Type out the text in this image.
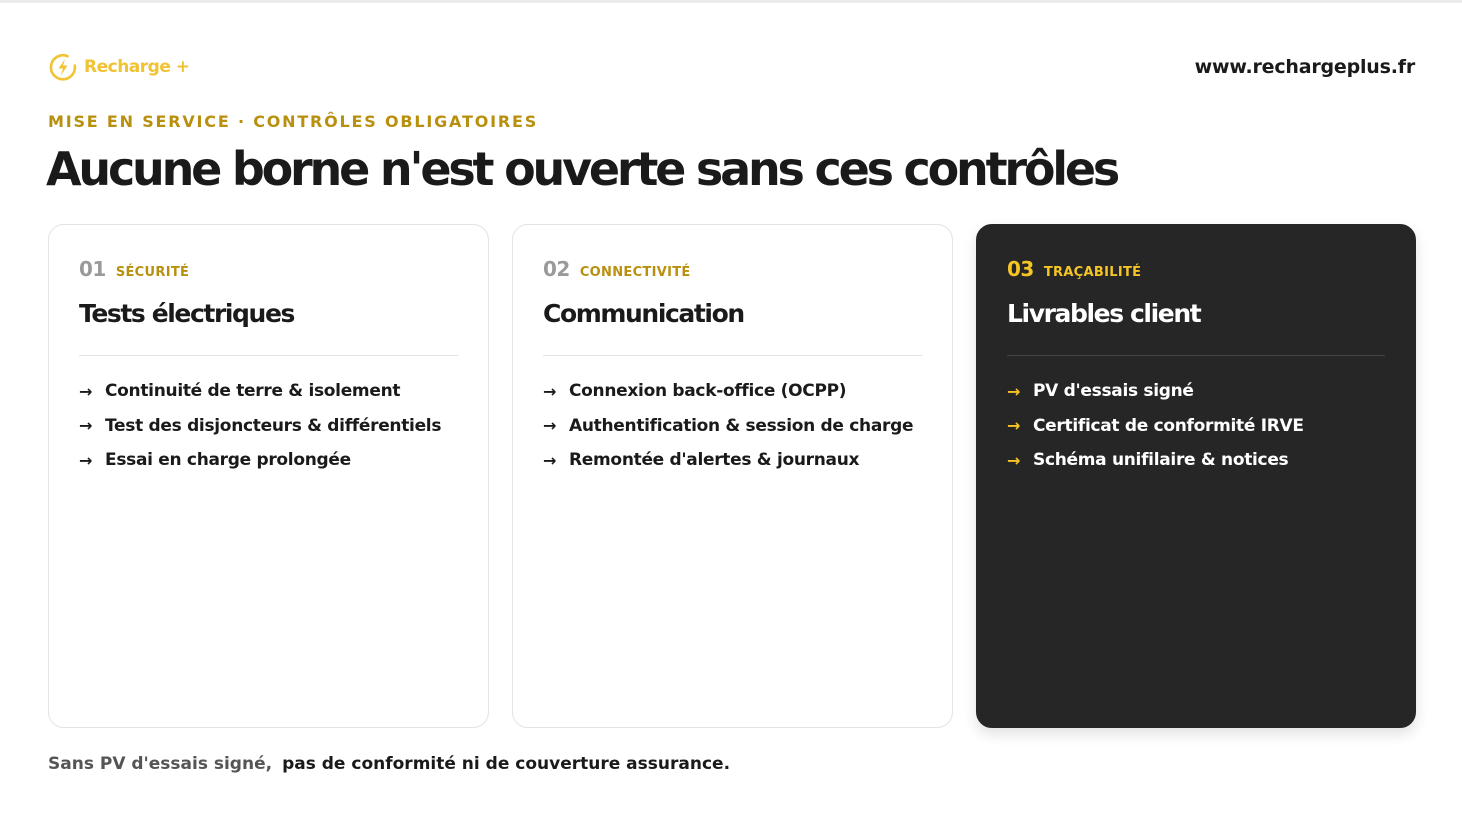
Recharge +	www.rechargeplus.fr
MISE EN SERVICE · CONTRÔLES OBLIGATOIRES
Aucune borne n'est ouverte sans ces contrôles
01 SÉCURITÉ
Tests électriques
→ Continuité de terre & isolement
→ Test des disjoncteurs & différentiels
→ Essai en charge prolongée
02 CONNECTIVITÉ
Communication
→ Connexion back-office (OCPP)
→ Authentification & session de charge
→ Remontée d'alertes & journaux
03 TRAÇABILITÉ
Livrables client
→ PV d'essais signé
→ Certificat de conformité IRVE
→ Schéma unifilaire & notices
Sans PV d'essais signé, pas de conformité ni de couverture assurance.
